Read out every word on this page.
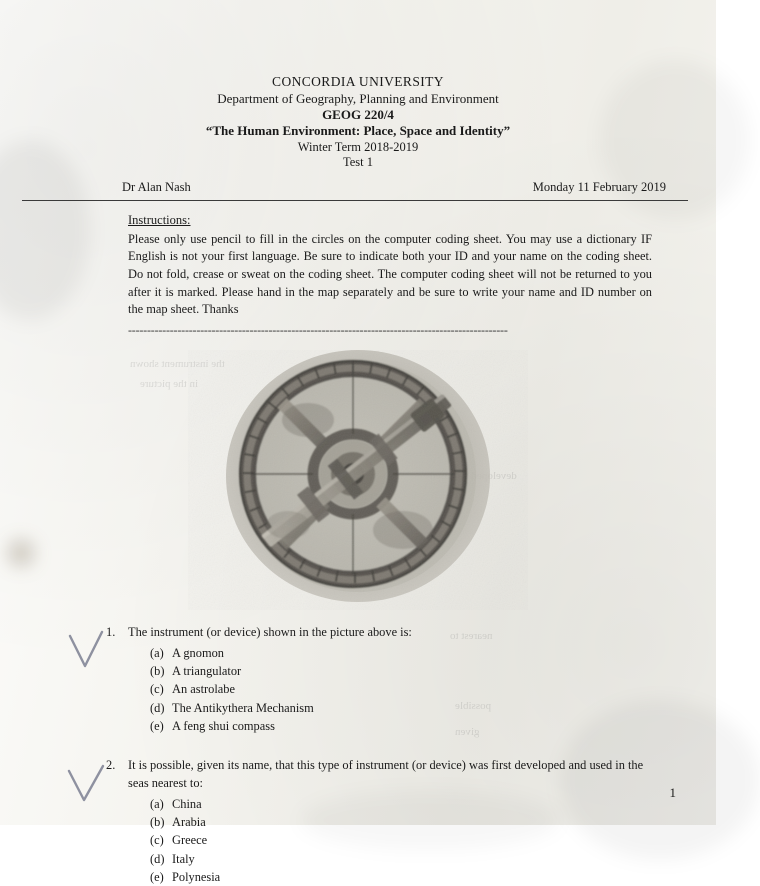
the instrument shown
in the picture
developed
nearest to
possible
given
CONCORDIA UNIVERSITY
Department of Geography, Planning and Environment
GEOG 220/4
“The Human Environment: Place, Space and Identity”
Winter Term 2018-2019
Test 1
Dr Alan Nash	Monday 11 February 2019
Instructions:
Please only use pencil to fill in the circles on the computer coding sheet. You may use a dictionary IF English is not your first language. Be sure to indicate both your ID and your name on the coding sheet. Do not fold, crease or sweat on the coding sheet. The computer coding sheet will not be returned to you after it is marked. Please hand in the map separately and be sure to write your name and ID number on the map sheet. Thanks
----------------------------------------------------------------------------------------------------
1. The instrument (or device) shown in the picture above is:
(a) A gnomon
(b) A triangulator
(c) An astrolabe
(d) The Antikythera Mechanism
(e) A feng shui compass
2. It is possible, given its name, that this type of instrument (or device) was first developed and used in the seas nearest to:
(a) China
(b) Arabia
(c) Greece
(d) Italy
(e) Polynesia
1
